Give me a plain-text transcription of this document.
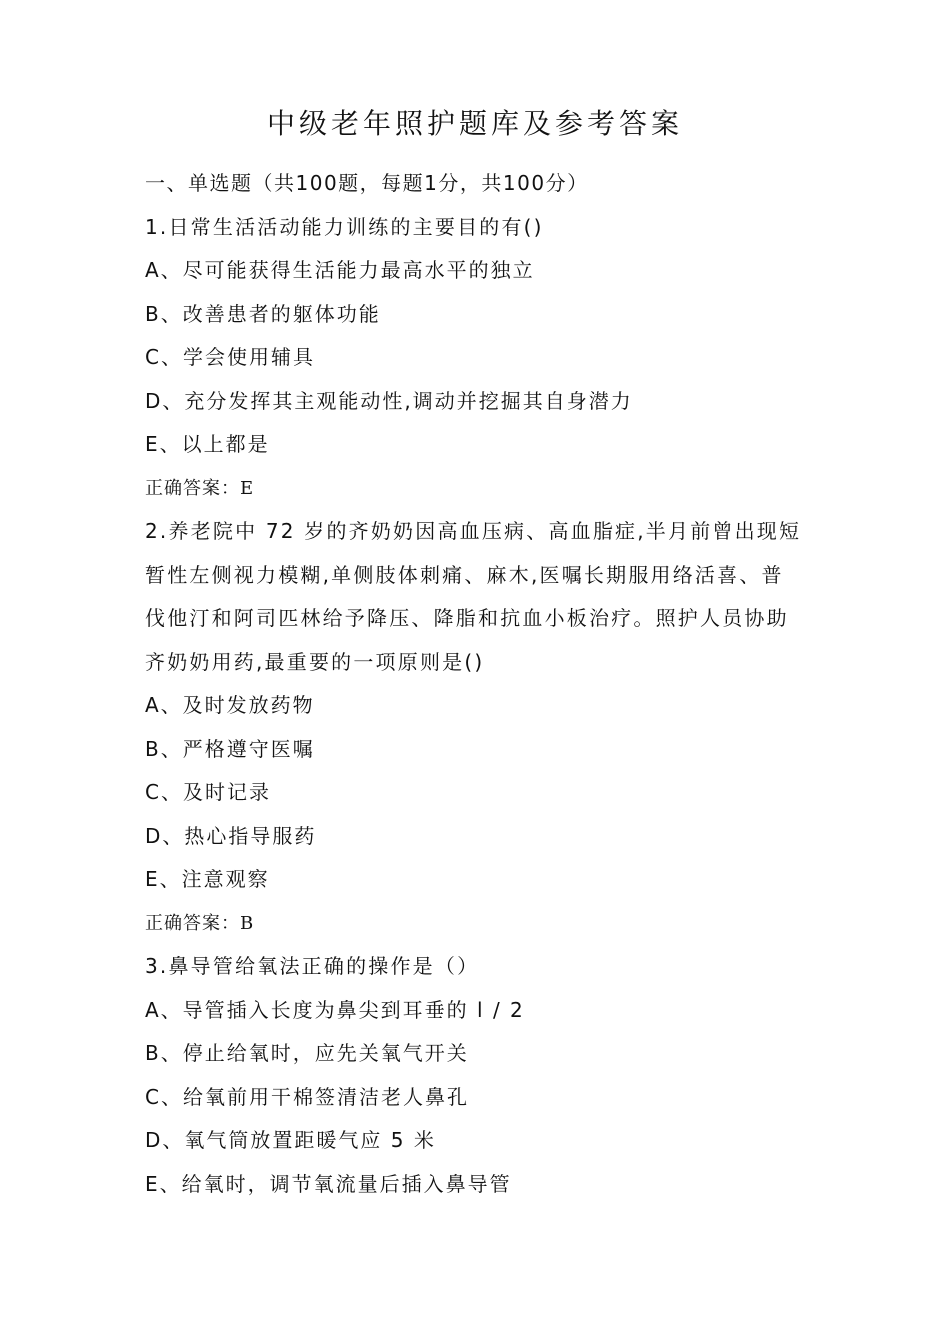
中级老年照护题库及参考答案
一、单选题（共100题，每题1分，共100分）
1.日常生活活动能力训练的主要目的有()
A、尽可能获得生活能力最高水平的独立
B、改善患者的躯体功能
C、学会使用辅具
D、充分发挥其主观能动性,调动并挖掘其自身潜力
E、以上都是
正确答案：E
2.养老院中 72 岁的齐奶奶因高血压病、高血脂症,半月前曾出现短
暂性左侧视力模糊,单侧肢体刺痛、麻木,医嘱长期服用络活喜、普
伐他汀和阿司匹林给予降压、降脂和抗血小板治疗。照护人员协助
齐奶奶用药,最重要的一项原则是()
A、及时发放药物
B、严格遵守医嘱
C、及时记录
D、热心指导服药
E、注意观察
正确答案：B
3.鼻导管给氧法正确的操作是（）
A、导管插入长度为鼻尖到耳垂的 l / 2
B、停止给氧时，应先关氧气开关
C、给氧前用干棉签清洁老人鼻孔
D、氧气筒放置距暖气应 5 米
E、给氧时，调节氧流量后插入鼻导管
